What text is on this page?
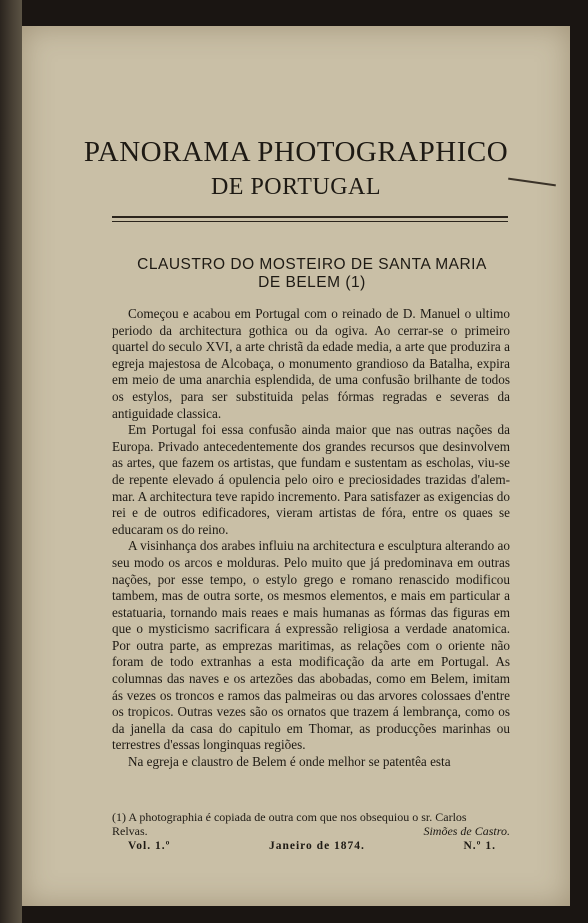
PANORAMA PHOTOGRAPHICO
DE PORTUGAL
CLAUSTRO DO MOSTEIRO DE SANTA MARIA
DE BELEM (1)

Começou e acabou em Portugal com o reinado de D. Manuel o ultimo periodo da architectura gothica ou da ogiva. Ao cerrar-se o primeiro quartel do seculo XVI, a arte christã da edade media, a arte que produzira a egreja majestosa de Alcobaça, o monumento grandioso da Batalha, expira em meio de uma anarchia esplendida, de uma confusão brilhante de todos os estylos, para ser substituida pelas fórmas regradas e severas da antiguidade classica.

Em Portugal foi essa confusão ainda maior que nas outras nações da Europa. Privado antecedentemente dos grandes recursos que desinvolvem as artes, que fazem os artistas, que fundam e sustentam as escholas, viu-se de repente elevado á opulencia pelo oiro e preciosidades trazidas d'alem-mar. A architectura teve rapido incremento. Para satisfazer as exigencias do rei e de outros edificadores, vieram artistas de fóra, entre os quaes se educaram os do reino.

A visinhança dos arabes influiu na architectura e esculptura alterando ao seu modo os arcos e molduras. Pelo muito que já predominava em outras nações, por esse tempo, o estylo grego e romano renascido modificou tambem, mas de outra sorte, os mesmos elementos, e mais em particular a estatuaria, tornando mais reaes e mais humanas as fórmas das figuras em que o mysticismo sacrificara á expressão religiosa a verdade anatomica. Por outra parte, as emprezas maritimas, as relações com o oriente não foram de todo extranhas a esta modificação da arte em Portugal. As columnas das naves e os artezões das abobadas, como em Belem, imitam ás vezes os troncos e ramos das palmeiras ou das arvores colossaes d'entre os tropicos. Outras vezes são os ornatos que trazem á lembrança, como os da janella da casa do capitulo em Thomar, as producções marinhas ou terrestres d'essas longinquas regiões.

Na egreja e claustro de Belem é onde melhor se patentêa esta

(1) A photographia é copiada de outra com que nos obsequiou o sr. Carlos
Relvas.	Simões de Castro.
Vol. 1.º	Janeiro de 1874.	N.º 1.
